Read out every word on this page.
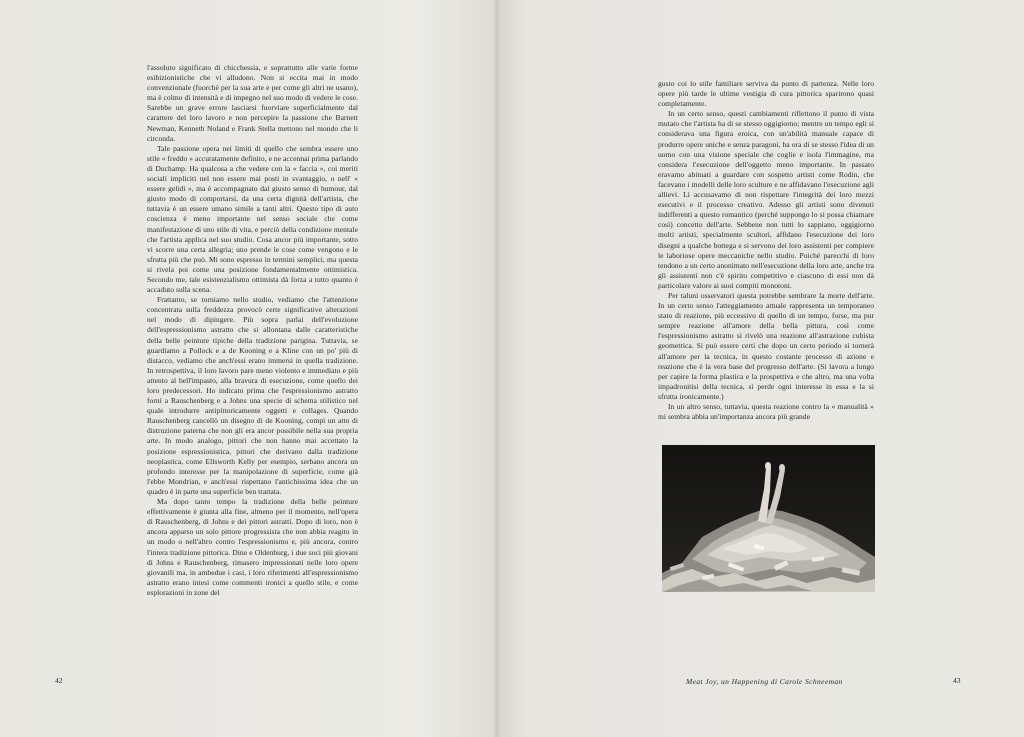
l'assoluto significato di chicchessia, e soprattutto alle varie forme esibizionistiche che vi alludono. Non si eccita mai in modo convenzionale (fuorché per la sua arte e per come gli altri ne usano), ma è colmo di intensità e di impegno nel suo modo di vedere le cose. Sarebbe un grave errore lasciarsi fuorviare superficialmente dal carattere del loro lavoro e non percepire la passione che Barnett Newman, Kenneth Noland e Frank Stella mettono nel mondo che li circonda.

Tale passione opera nei limiti di quello che sembra essere uno stile « freddo » accuratamente definito, e ne accennai prima parlando di Duchamp. Ha qualcosa a che vedere con la « faccia », coi meriti sociali impliciti nel non essere mai posti in svantaggio, o nell' « essere gelidi », ma è accompagnato dal giusto senso di humour, dal giusto modo di comportarsi, da una certa dignità dell'artista, che tuttavia è un essere umano simile a tanti altri. Questo tipo di auto coscienza è meno importante nel senso sociale che come manifestazione di uno stile di vita, e perciò della condizione mentale che l'artista applica nel suo studio. Cosa ancor più importante, sotto vi scorre una certa allegria; uno prende le cose come vengono e le sfrutta più che può. Mi sono espresso in termini semplici, ma questa si rivela poi come una posizione fondamentalmente ottimistica. Secondo me, tale esistenzialismo ottimista dà forza a tutto quanto è accaduto sulla scena.

Frattanto, se torniamo nello studio, vediamo che l'attenzione concentrata sulla freddezza provocò certe significative alterazioni nel modo di dipingere. Più sopra parlai dell'evoluzione dell'espressionismo astratto che si allontana dalle caratteristiche della belle peinture tipiche della tradizione parigina. Tuttavia, se guardiamo a Pollock e a de Kooning e a Kline con un po' più di distacco, vediamo che anch'essi erano immersi in quella tradizione. In retrospettiva, il loro lavoro pare meno violento e immediato e più attento al bell'impasto, alla bravura di esecuzione, come quello dei loro predecessori. Ho indicato prima che l'espressionismo astratto fornì a Rauschenberg e a Johns una specie di schema stilistico nel quale introdurre antipittoricamente oggetti e collages. Quando Rauschenberg cancellò un disegno di de Kooning, compì un atto di distruzione paterna che non gli era ancor possibile nella sua propria arte. In modo analogo, pittori che non hanno mai accettato la posizione espressionistica, pittori che derivano dalla tradizione neoplastica, come Ellsworth Kelly per esempio, serbano ancora un profondo interesse per la manipolazione di superficie, come già l'ebbe Mondrian, e anch'essi rispettano l'antichissima idea che un quadro è in parte una superficie ben trattata.

Ma dopo tanto tempo la tradizione della belle peinture effettivamente è giunta alla fine, almeno per il momento, nell'opera di Rauschenberg, di Johns e dei pittori astratti. Dopo di loro, non è ancora apparso un solo pittore progressista che non abbia reagito in un modo o nell'altro contro l'espressionismo e, più ancora, contro l'intera tradizione pittorica. Dine e Oldenburg, i due soci più giovani di Johns e Rauschenberg, rimasero impressionati nelle loro opere giovanili ma, in ambedue i casi, i loro riferimenti all'espressionismo astratto erano intesi come commenti ironici a quello stile, e come esplorazioni in zone del

42

gusto coi lo stile familiare serviva da punto di partenza. Nelle loro opere più tarde le ultime vestigia di cura pittorica sparirono quasi completamente.

In un certo senso, questi cambiamenti riflettono il punto di vista mutato che l'artista ha di se stesso oggigiorno; mentre un tempo egli si considerava una figura eroica, con un'abilità manuale capace di produrre opere uniche e senza paragoni, ha ora di se stesso l'idea di un uomo con una visione speciale che coglie e isola l'immagine, ma considera l'esecuzione dell'oggetto meno importante. In passato eravamo abituati a guardare con sospetto artisti come Rodin, che facevano i modelli delle loro sculture e ne affidavano l'esecuzione agli allievi. Li accusavamo di non rispettare l'integrità dei loro mezzi esecutivi e il processo creativo. Adesso gli artisti sono divenuti indifferenti a questo romantico (perché suppongo lo si possa chiamare così) concetto dell'arte. Sebbene non tutti lo sappiano, oggigiorno molti artisti, specialmente scultori, affidano l'esecuzione dei loro disegni a qualche bottega e si servono dei loro assistenti per compiere le laboriose opere meccaniche nello studio. Poiché parecchi di loro tendono a un certo anonimato nell'esecuzione della loro arte, anche tra gli assistenti non c'è spirito competitivo e ciascuno di essi non dà particolare valore ai suoi compiti monotoni.

Per taluni osservatori questa potrebbe sembrare la morte dell'arte. In un certo senso l'atteggiamento attuale rappresenta un temporaneo stato di reazione, più eccessivo di quello di un tempo, forse, ma pur sempre reazione all'amore della bella pittura, così come l'espressionismo astratto si rivelò una reazione all'astrazione cubista geometrica. Si può essere certi che dopo un certo periodo si tornerà all'amore per la tecnica, in questo costante processo di azione e reazione che è la vera base del progresso dell'arte. (Si lavora a lungo per capire la forma plastica e la prospettiva e che altro, ma una volta impadronitisi della tecnica, si perde ogni interesse in essa e la si sfrutta ironicamente.)

In un altro senso, tuttavia, questa reazione contro la « manualità » mi sembra abbia un'importanza ancora più grande

Meat Joy, un Happening di Carole Schneeman	43
